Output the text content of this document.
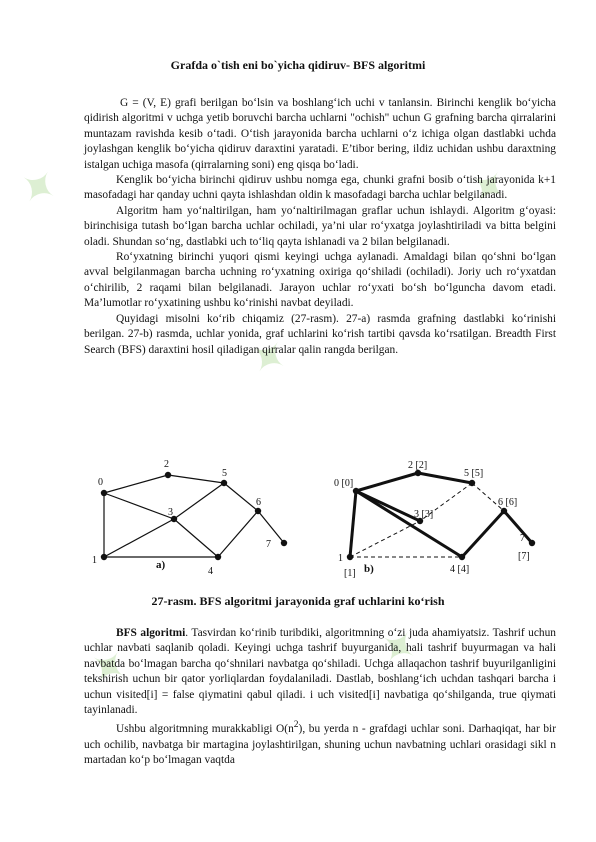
✦
✦
✦
✦	✦
Grafda o`tish eni bo`yicha qidiruv- BFS algoritmi

G = (V, E) grafi berilgan bo‘lsin va boshlang‘ich uchi v tanlansin. Birinchi kenglik bo‘yicha qidirish algoritmi v uchga yetib boruvchi barcha uchlarni "ochish" uchun G grafning barcha qirralarini muntazam ravishda kesib o‘tadi. O‘tish jarayonida barcha uchlarni o‘z ichiga olgan dastlabki uchda joylashgan kenglik bo‘yicha qidiruv daraxtini yaratadi. E’tibor bering, ildiz uchidan ushbu daraxtning istalgan uchiga masofa (qirralarning soni) eng qisqa bo‘ladi.

Kenglik bo‘yicha birinchi qidiruv ushbu nomga ega, chunki grafni bosib o‘tish jarayonida k+1 masofadagi har qanday uchni qayta ishlashdan oldin k masofadagi barcha uchlar belgilanadi.

Algoritm ham yo‘naltirilgan, ham yo‘naltirilmagan graflar uchun ishlaydi. Algoritm g‘oyasi: birinchisiga tutash bo‘lgan barcha uchlar ochiladi, ya’ni ular ro‘yxatga joylashtiriladi va bitta belgini oladi. Shundan so‘ng, dastlabki uch to‘liq qayta ishlanadi va 2 bilan belgilanadi.

Ro‘yxatning birinchi yuqori qismi keyingi uchga aylanadi. Amaldagi bilan qo‘shni bo‘lgan avval belgilanmagan barcha uchning ro‘yxatning oxiriga qo‘shiladi (ochiladi). Joriy uch ro‘yxatdan o‘chirilib, 2 raqami bilan belgilanadi. Jarayon uchlar ro‘yxati bo‘sh bo‘lguncha davom etadi. Ma’lumotlar ro‘yxatining ushbu ko‘rinishi navbat deyiladi.

Quyidagi misolni ko‘rib chiqamiz (27-rasm). 27-a) rasmda grafning dastlabki ko‘rinishi berilgan. 27-b) rasmda, uchlar yonida, graf uchlarini ko‘rish tartibi qavsda ko‘rsatilgan. Breadth First Search (BFS) daraxtini hosil qiladigan qirralar qalin rangda berilgan.

0
2
5
3
6
7
1
4
a)
0 [0]
2 [2]
5 [5]
3 [3]
6 [6]
7
[7]
1
[1]	4 [4]
b)
27-rasm. BFS algoritmi jarayonida graf uchlarini ko‘rish

BFS algoritmi. Tasvirdan ko‘rinib turibdiki, algoritmning o‘zi juda ahamiyatsiz. Tashrif uchun uchlar navbati saqlanib qoladi. Keyingi uchga tashrif buyurganida, hali tashrif buyurmagan va hali navbatda bo‘lmagan barcha qo‘shnilari navbatga qo‘shiladi. Uchga allaqachon tashrif buyurilganligini tekshirish uchun bir qator yorliqlardan foydalaniladi. Dastlab, boshlang‘ich uchdan tashqari barcha i uchun visited[i] = false qiymatini qabul qiladi. i uch visited[i] navbatiga qo‘shilganda, true qiymati tayinlanadi.

Ushbu algoritmning murakkabligi $O(n^2)$, bu yerda n - grafdagi uchlar soni. Darhaqiqat, har bir uch ochilib, navbatga bir martagina joylashtirilgan, shuning uchun navbatning uchlari orasidagi sikl n martadan ko‘p bo‘lmagan vaqtda
